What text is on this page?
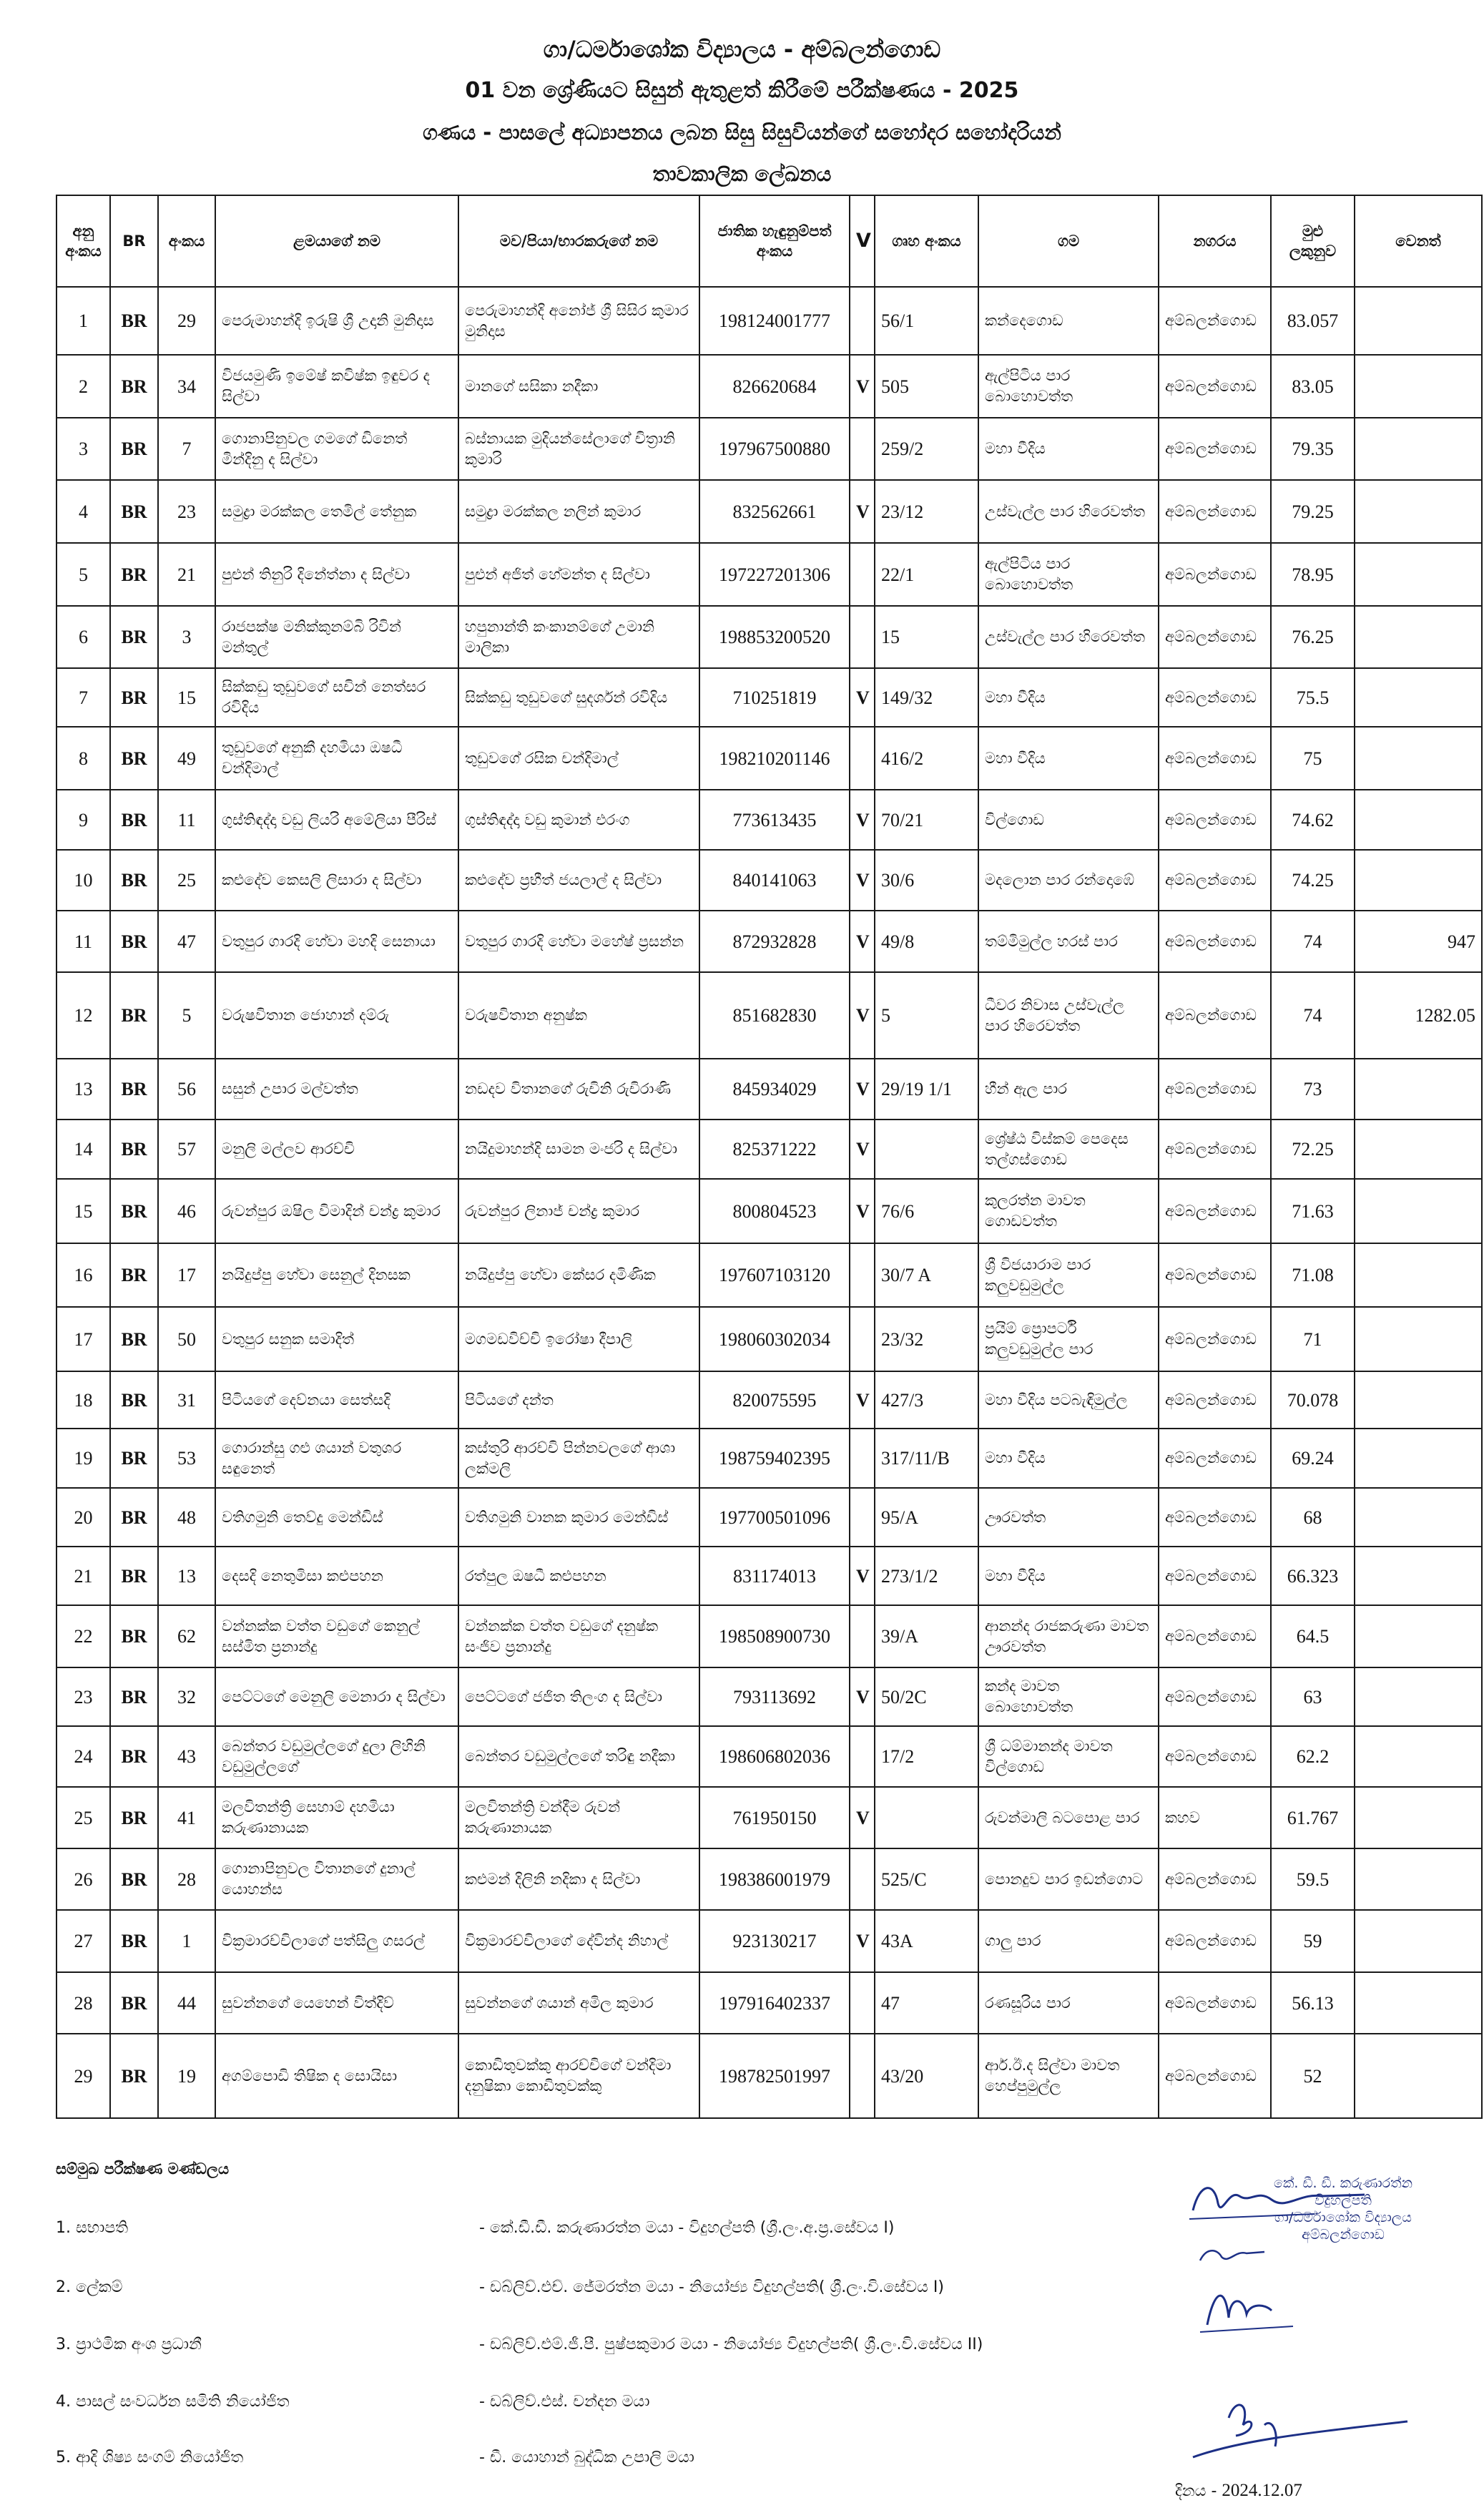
ගා/ධර්මාශෝක විද්‍යාලය - අම්බලන්ගොඩ
01 වන ශ්‍රේණියට සිසුන් ඇතුළත් කිරීමේ පරීක්ෂණය - 2025
ගණය - පාසලේ අධ්‍යාපනය ලබන සිසු සිසුවියන්ගේ සහෝදර සහෝදරියන්
තාවකාලික ලේඛනය
අනු අංකය	BR	අංකය	ළමයාගේ නම	මව/පියා/භාරකරුගේ නම	ජාතික හැඳුනුම්පත් අංකය	V	ගෘහ අංකය	ගම	නගරය	මුළු ලකුනුව	වෙනත්
1	BR	29	පෙරුමාහන්දි ඉරුෂි ශ්‍රී උදානි මුනිදාස	පෙරුමාහන්දි අනෝජ් ශ්‍රී සිසිර කුමාර මුනිදාස	198124001777		56/1	කන්දෙගොඩ	අම්බලන්ගොඩ	83.057	
2	BR	34	විජයමුණි ඉමේෂ් කවිෂ්ක ඉඳුවර ද සිල්වා	මානගේ සසිකා නදීකා	826620684	V	505	ඇල්පිටිය පාර බොහොවත්ත	අම්බලන්ගොඩ	83.05	
3	BR	7	ගොනාපිනුවල ගමගේ ඩිනෙත් මින්දිනු ද සිල්වා	බස්නායක මුදියන්සේලාගේ චිත්‍රානි කුමාරි	197967500880		259/2	මහා වීදිය	අම්බලන්ගොඩ	79.35	
4	BR	23	සමුද්‍රා මරක්කල තෙමිල් තේනුක	සමුද්‍රා මරක්කල නලින් කුමාර	832562661	V	23/12	උස්වැල්ල පාර හිරෙවත්ත	අම්බලන්ගොඩ	79.25	
5	BR	21	පුළුන් තිනුරි දිනේත්නා ද සිල්වා	පුළුන් අජිත් හේමන්ත ද සිල්වා	197227201306		22/1	ඇල්පිටිය පාර බොහොවත්ත	අම්බලන්ගොඩ	78.95	
6	BR	3	රාජපක්ෂ මනික්කුනම්බි රිවින් මන්තුල්	හපුනාන්ති කංකානම්ගේ උමානි මාලිකා	198853200520		15	උස්වැල්ල පාර හිරෙවත්ත	අම්බලන්ගොඩ	76.25	
7	BR	15	සික්කඩු තුඩුවගේ සචින් නෙත්සර රවිදිය	සික්කඩු තුඩුවගේ සුදර්ශන් රවිදිය	710251819	V	149/32	මහා වීදිය	අම්බලන්ගොඩ	75.5	
8	BR	49	තුඩුවගේ අනුකී දහමියා ඔෂධී චන්දිමාල්	තුඩුවගේ රසික චන්දිමාල්	198210201146		416/2	මහා වීදිය	අම්බලන්ගොඩ	75	
9	BR	11	ගුස්තිඳද්දා වඩු ලියරි අමේලියා පීරිස්	ගුස්තිඳද්දා වඩු කුමාන් එරංග	773613435	V	70/21	විල්ගොඩ	අම්බලන්ගොඩ	74.62	
10	BR	25	කළුදේව කෙසලි ලිසාරා ද සිල්වා	කළුදේව ප්‍රභීත් ජයලාල් ද සිල්වා	840141063	V	30/6	මදලොන පාර රන්දොඹේ	අම්බලන්ගොඩ	74.25	
11	BR	47	වතුපුර ගාරදි හේවා මහදි සෙනායා	වතුපුර ගාරදි හේවා මහේෂ් ප්‍රසන්න	872932828	V	49/8	තම්මිමුල්ල හරස් පාර	අම්බලන්ගොඩ	74	947
12	BR	5	වරුෂවිතාන ජොහාන් දම්රු	වරුෂවිතාන අනුෂ්ක	851682830	V	5	ධීවර නිවාස උස්වැල්ල පාර හිරෙවත්ත	අම්බලන්ගොඩ	74	1282.05
13	BR	56	සසුන් උපාර මල්වත්ත	නඩදව විතානගේ රුචිනි රුචිරාණි	845934029	V	29/19 1/1	හීන් ඇල පාර	අම්බලන්ගොඩ	73	
14	BR	57	මනුලි මල්ලව ආරච්චි	නයිදුමාහන්දි සාමන මංජරි ද සිල්වා	825371222	V		ශ්‍රේෂ්ඨ විස්කම් පෙදෙස තල්ගස්ගොඩ	අම්බලන්ගොඩ	72.25	
15	BR	46	රුවන්පුර ඔෂිල විමාදින් චන්ද්‍ර කුමාර	රුවන්පුර ලිනාජ් චන්ද්‍ර කුමාර	800804523	V	76/6	කුලරත්න මාවත ගොඩවත්ත	අම්බලන්ගොඩ	71.63	
16	BR	17	නයිදුප්පු හේවා සෙනුල් දිනසක	නයිදුප්පු හේවා කේසර දමිණික	197607103120		30/7 A	ශ්‍රී විජයාරාම පාර කලුවඩුමුල්ල	අම්බලන්ගොඩ	71.08	
17	BR	50	වතුපුර සනුක සමාදිත්	මගමඩවිච්චි ඉරෝෂා දීපාලි	198060302034		23/32	ප්‍රයිම් ප්‍රොපර්ටි කලුවඩුමුල්ල පාර	අම්බලන්ගොඩ	71	
18	BR	31	පිටියගේ දෙව්නයා සෙත්සදි	පිටියගේ දන්ත	820075595	V	427/3	මහා වීදිය පටබැඳිමුල්ල	අම්බලන්ගොඩ	70.078	
19	BR	53	ගොරාන්සු ගළු ශයාන් වතුශර සඳුනෙත්	කස්තුරි ආරච්චි පින්නවලගේ ආශා ලක්මලි	198759402395		317/11/B	මහා වීදිය	අම්බලන්ගොඩ	69.24	
20	BR	48	වතිගමුනි තෙව්දු මෙන්ඩිස්	වතිගමුනි වානක කුමාර මෙන්ඩිස්	197700501096		95/A	ඌරවත්ත	අම්බලන්ගොඩ	68	
21	BR	13	දෙසදි නෙතුමිසා කළුපහන	රත්පුල ඔෂධී කළුපහන	831174013	V	273/1/2	මහා වීදිය	අම්බලන්ගොඩ	66.323	
22	BR	62	වන්නක්ක වත්ත වඩුගේ කෙනුල් සස්මිත ප්‍රනාන්දු	වන්නක්ක වත්ත වඩුගේ දනුෂ්ක සංජිව ප්‍රනාන්දු	198508900730		39/A	ආනන්ද රාජකරුණා මාවත ඌරවත්ත	අම්බලන්ගොඩ	64.5	
23	BR	32	පෙට්ටගේ මෙනුලි මෙනාරා ද සිල්වා	පෙට්ටගේ ජජිත තිලංග ද සිල්වා	793113692	V	50/2C	කන්ද මාවත බොහොවත්ත	අම්බලන්ගොඩ	63	
24	BR	43	බෙන්තර වඩුමුල්ලගේ දුලා ලිහිනි වඩුමුල්ලගේ	බෙන්තර වඩුමුල්ලගේ තරිඳු නදීකා	198606802036		17/2	ශ්‍රී ධම්මානන්ද මාවත විල්ගොඩ	අම්බලන්ගොඩ	62.2	
25	BR	41	මලවිතන්ත්‍රි සෙහාම් දහමියා කරුණානායක	මලවිතන්ත්‍රි වන්දීම රුවන් කරුණානායක	761950150	V		රුවන්මාලි බටපොළ පාර	කහව	61.767	
26	BR	28	ගොනාපිනුවල විතානගේ දුනාල් යොහන්ස	කළුමන් දිලිනි නදිකා ද සිල්වා	198386001979		525/C	පොනදුව පාර ඉඩන්ගොට	අම්බලන්ගොඩ	59.5	
27	BR	1	වික්‍රමාරච්චිලාගේ පත්සිලු ගසරල්	වික්‍රමාරච්චිලාගේ දේවින්ද නිහාල්	923130217	V	43A	ගාලු පාර	අම්බලන්ගොඩ	59	
28	BR	44	සුවන්නගේ යෙහෙන් විත්දිව්	සුවන්නගේ ශයාන් අමිල කුමාර	197916402337		47	රණසූරිය පාර	අම්බලන්ගොඩ	56.13	
29	BR	19	අගම්පොඩි තිෂික ද සොයිසා	කොඩිතුවක්කු ආරච්චිගේ වන්දිමා දනුෂිකා කොඩිතුවක්කු	198782501997		43/20	ආර්.ඊ.ද සිල්වා මාවත හෙප්පුමුල්ල	අම්බලන්ගොඩ	52	
සම්මුඛ පරීක්ෂණ මණ්ඩලය
1. සභාපති	- කේ.ඩී.ඩී. කරුණාරත්න මයා - විදුහල්පති (ශ්‍රී.ලං.අ.ප්‍ර.සේවය I)
2. ලේකම්	- ඩබ්ලිව්.එච්. ජේමරත්න මයා - නියෝජ්‍ය විදුහල්පති( ශ්‍රී.ලං.වි.සේවය I)
3. ප්‍රාථමික අංශ ප්‍රධානී	- ඩබ්ලිව්.එම්.ජී.පී. පුෂ්පකුමාර මයා - නියෝජ්‍ය විදුහල්පති( ශ්‍රී.ලං.වි.සේවය II)
4. පාසල් සංවර්ධන සමිති නියෝජිත	- ඩබ්ලිව්.එස්. චන්දන මයා
5. ආදි ශිෂ්‍ය සංගම් නියෝජිත	- ඩී. යොහාන් බුද්ධික උපාලි මයා
කේ. ඩී. ඩී. කරුණාරත්න
විදුහල්පති
ගා/ධර්මාශෝක විද්‍යාලය
අම්බලන්ගොඩ
දිනය - 2024.12.07
